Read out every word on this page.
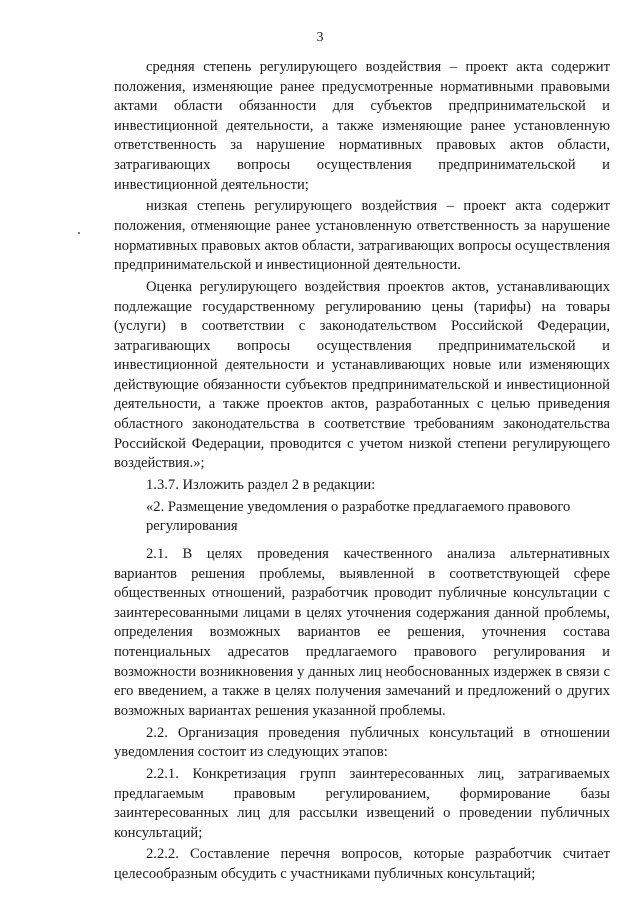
3

средняя степень регулирующего воздействия – проект акта содержит положения, изменяющие ранее предусмотренные нормативными правовыми актами области обязанности для субъектов предпринимательской и инвестиционной деятельности, а также изменяющие ранее установленную ответственность за нарушение нормативных правовых актов области, затрагивающих вопросы осуществления предпринимательской и инвестиционной деятельности;

низкая степень регулирующего воздействия – проект акта содержит положения, отменяющие ранее установленную ответственность за нарушение нормативных правовых актов области, затрагивающих вопросы осуществления предпринимательской и инвестиционной деятельности.

Оценка регулирующего воздействия проектов актов, устанавливающих подлежащие государственному регулированию цены (тарифы) на товары (услуги) в соответствии с законодательством Российской Федерации, затрагивающих вопросы осуществления предпринимательской и инвестиционной деятельности и устанавливающих новые или изменяющих действующие обязанности субъектов предпринимательской и инвестиционной деятельности, а также проектов актов, разработанных с целью приведения областного законодательства в соответствие требованиям законодательства Российской Федерации, проводится с учетом низкой степени регулирующего воздействия.»;

1.3.7. Изложить раздел 2 в редакции:

«2. Размещение уведомления о разработке предлагаемого правового
регулирования

2.1. В целях проведения качественного анализа альтернативных вариантов решения проблемы, выявленной в соответствующей сфере общественных отношений, разработчик проводит публичные консультации с заинтересованными лицами в целях уточнения содержания данной проблемы, определения возможных вариантов ее решения, уточнения состава потенциальных адресатов предлагаемого правового регулирования и возможности возникновения у данных лиц необоснованных издержек в связи с его введением, а также в целях получения замечаний и предложений о других возможных вариантах решения указанной проблемы.

2.2. Организация проведения публичных консультаций в отношении уведомления состоит из следующих этапов:

2.2.1. Конкретизация групп заинтересованных лиц, затрагиваемых предлагаемым правовым регулированием, формирование базы заинтересованных лиц для рассылки извещений о проведении публичных консультаций;

2.2.2. Составление перечня вопросов, которые разработчик считает целесообразным обсудить с участниками публичных консультаций;
